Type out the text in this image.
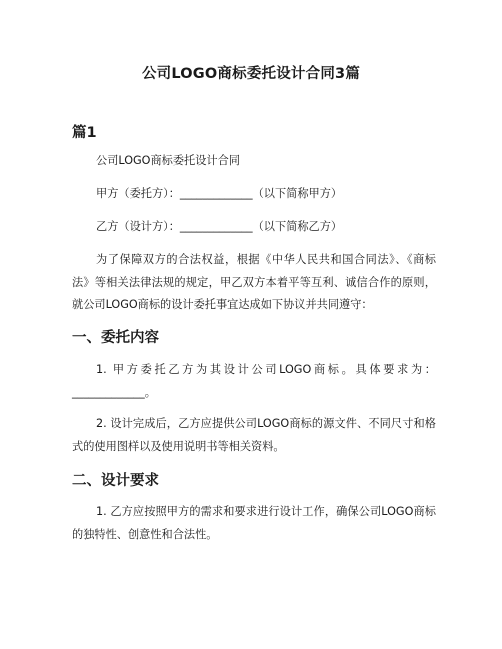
公司LOGO商标委托设计合同3篇
篇1
公司LOGO商标委托设计合同
甲方（委托方）：_____________（以下简称甲方）
乙方（设计方）：_____________（以下简称乙方）
为了保障双方的合法权益，根据《中华人民共和国合同法》、《商标法》等相关法律法规的规定，甲乙双方本着平等互利、诚信合作的原则，就公司LOGO商标的设计委托事宜达成如下协议并共同遵守：
一、委托内容
1. 甲方委托乙方为其设计公司LOGO商标。具体要求为：_____________。
2. 设计完成后，乙方应提供公司LOGO商标的源文件、不同尺寸和格式的使用图样以及使用说明书等相关资料。
二、设计要求
1. 乙方应按照甲方的需求和要求进行设计工作，确保公司LOGO商标的独特性、创意性和合法性。
